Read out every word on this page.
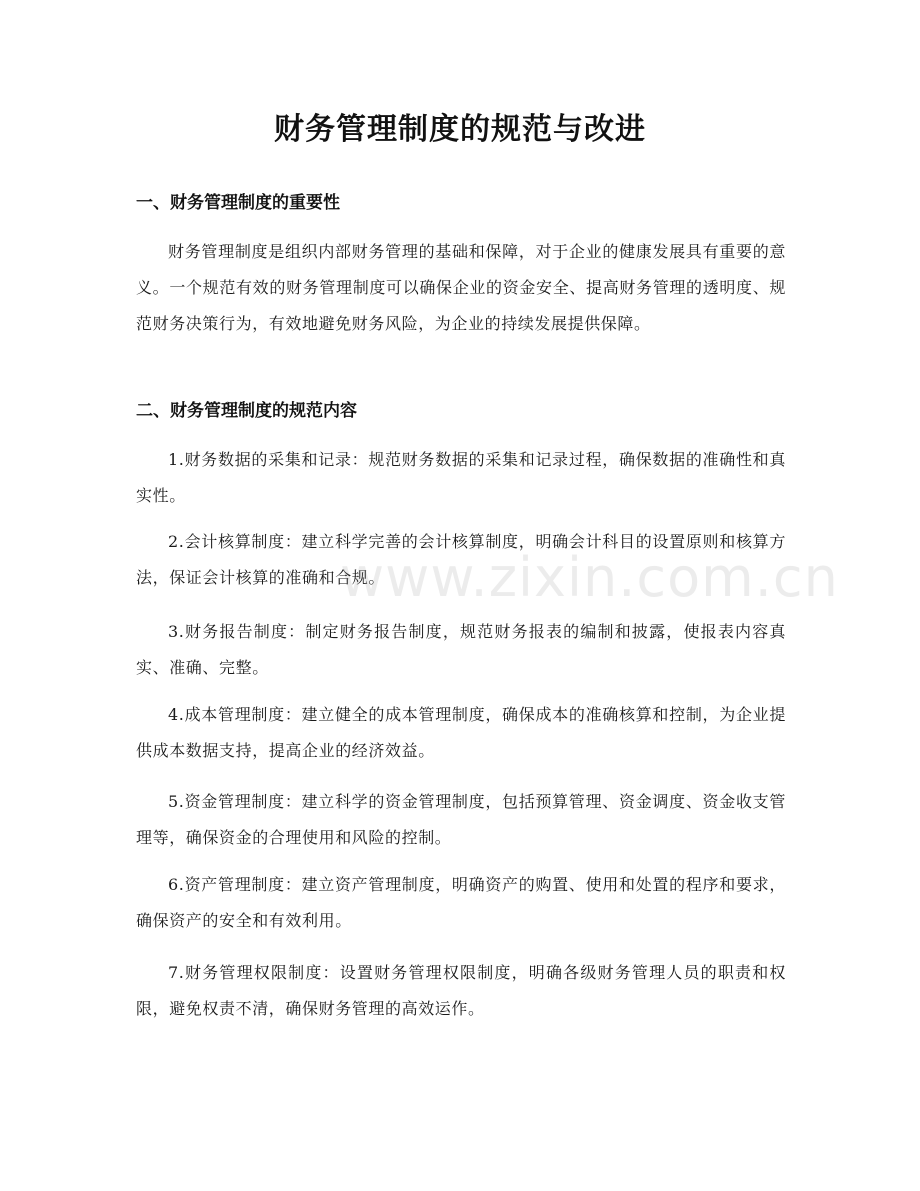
财务管理制度的规范与改进
一、财务管理制度的重要性
财务管理制度是组织内部财务管理的基础和保障，对于企业的健康发展具有重要的意义。一个规范有效的财务管理制度可以确保企业的资金安全、提高财务管理的透明度、规范财务决策行为，有效地避免财务风险，为企业的持续发展提供保障。
二、财务管理制度的规范内容
1.财务数据的采集和记录：规范财务数据的采集和记录过程，确保数据的准确性和真实性。
2.会计核算制度：建立科学完善的会计核算制度，明确会计科目的设置原则和核算方法，保证会计核算的准确和合规。
3.财务报告制度：制定财务报告制度，规范财务报表的编制和披露，使报表内容真实、准确、完整。
4.成本管理制度：建立健全的成本管理制度，确保成本的准确核算和控制，为企业提供成本数据支持，提高企业的经济效益。
5.资金管理制度：建立科学的资金管理制度，包括预算管理、资金调度、资金收支管理等，确保资金的合理使用和风险的控制。
6.资产管理制度：建立资产管理制度，明确资产的购置、使用和处置的程序和要求，确保资产的安全和有效利用。
7.财务管理权限制度：设置财务管理权限制度，明确各级财务管理人员的职责和权限，避免权责不清，确保财务管理的高效运作。
www.zixin.com.cn
